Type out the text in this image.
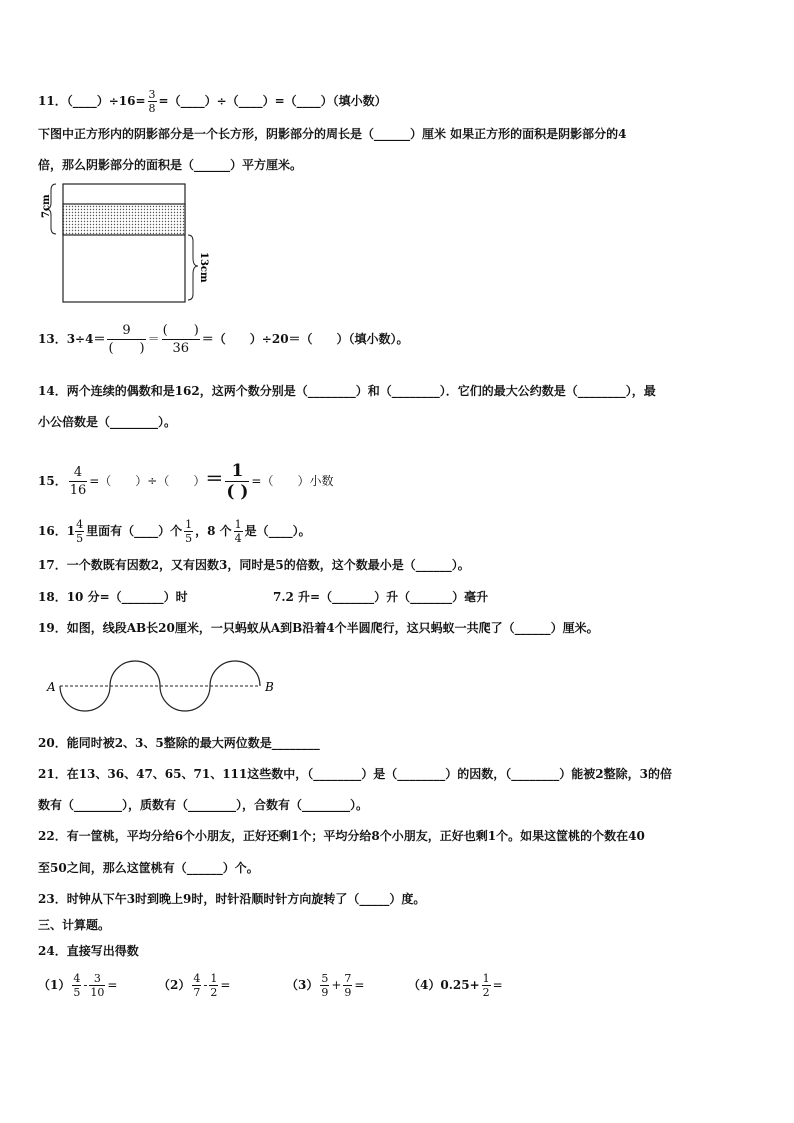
11．（____）÷16= $\frac{3}{8}$ =（____）÷（____）=（____）（填小数）
下图中正方形内的阴影部分是一个长方形，阴影部分的周长是（______）厘米 如果正方形的面积是阴影部分的4
倍，那么阴影部分的面积是（______）平方厘米。
7cm
13cm
13．$3\div 4= \frac{9}{( )} = \frac{( )}{36}$ ＝（　　）÷20＝（　　）（填小数）。
14．两个连续的偶数和是162，这两个数分别是（________）和（________）．它们的最大公约数是（________），最
小公倍数是（________）。
15． $\frac{4}{16}$ =（　　）÷（　　）＝ $\frac{1}{( )}$ =（　　）小数
16．$1 \frac{4}{5}$ 里面有（____）个 $\frac{1}{5}$ ，8 个 $\frac{1}{4}$ 是（____）。
17．一个数既有因数2，又有因数3，同时是5的倍数，这个数最小是（______）。
18．10 分=（_______）时	7.2 升=（_______）升（_______）毫升
19．如图，线段AB长20厘米，一只蚂蚁从A到B沿着4个半圆爬行，这只蚂蚁一共爬了（______）厘米。
A	B
20．能同时被2、3、5整除的最大两位数是________
21．在13、36、47、65、71、111这些数中，（________）是（________）的因数，（________）能被2整除，3的倍
数有（________），质数有（________），合数有（________）。
22．有一筐桃，平均分给6个小朋友，正好还剩1个；平均分给8个小朋友，正好也剩1个。如果这筐桃的个数在40
至50之间，那么这筐桃有（______）个。
23．时钟从下午3时到晚上9时，时针沿顺时针方向旋转了（_____）度。
三、计算题。
24．直接写出得数
$(1) \frac{4}{5} - \frac{3}{10}$ =	$(2) \frac{4}{7} - \frac{1}{2}$ =	$(3) \frac{5}{9} + \frac{7}{9}$ =	$(4)0.25+ \frac{1}{2}$ =
